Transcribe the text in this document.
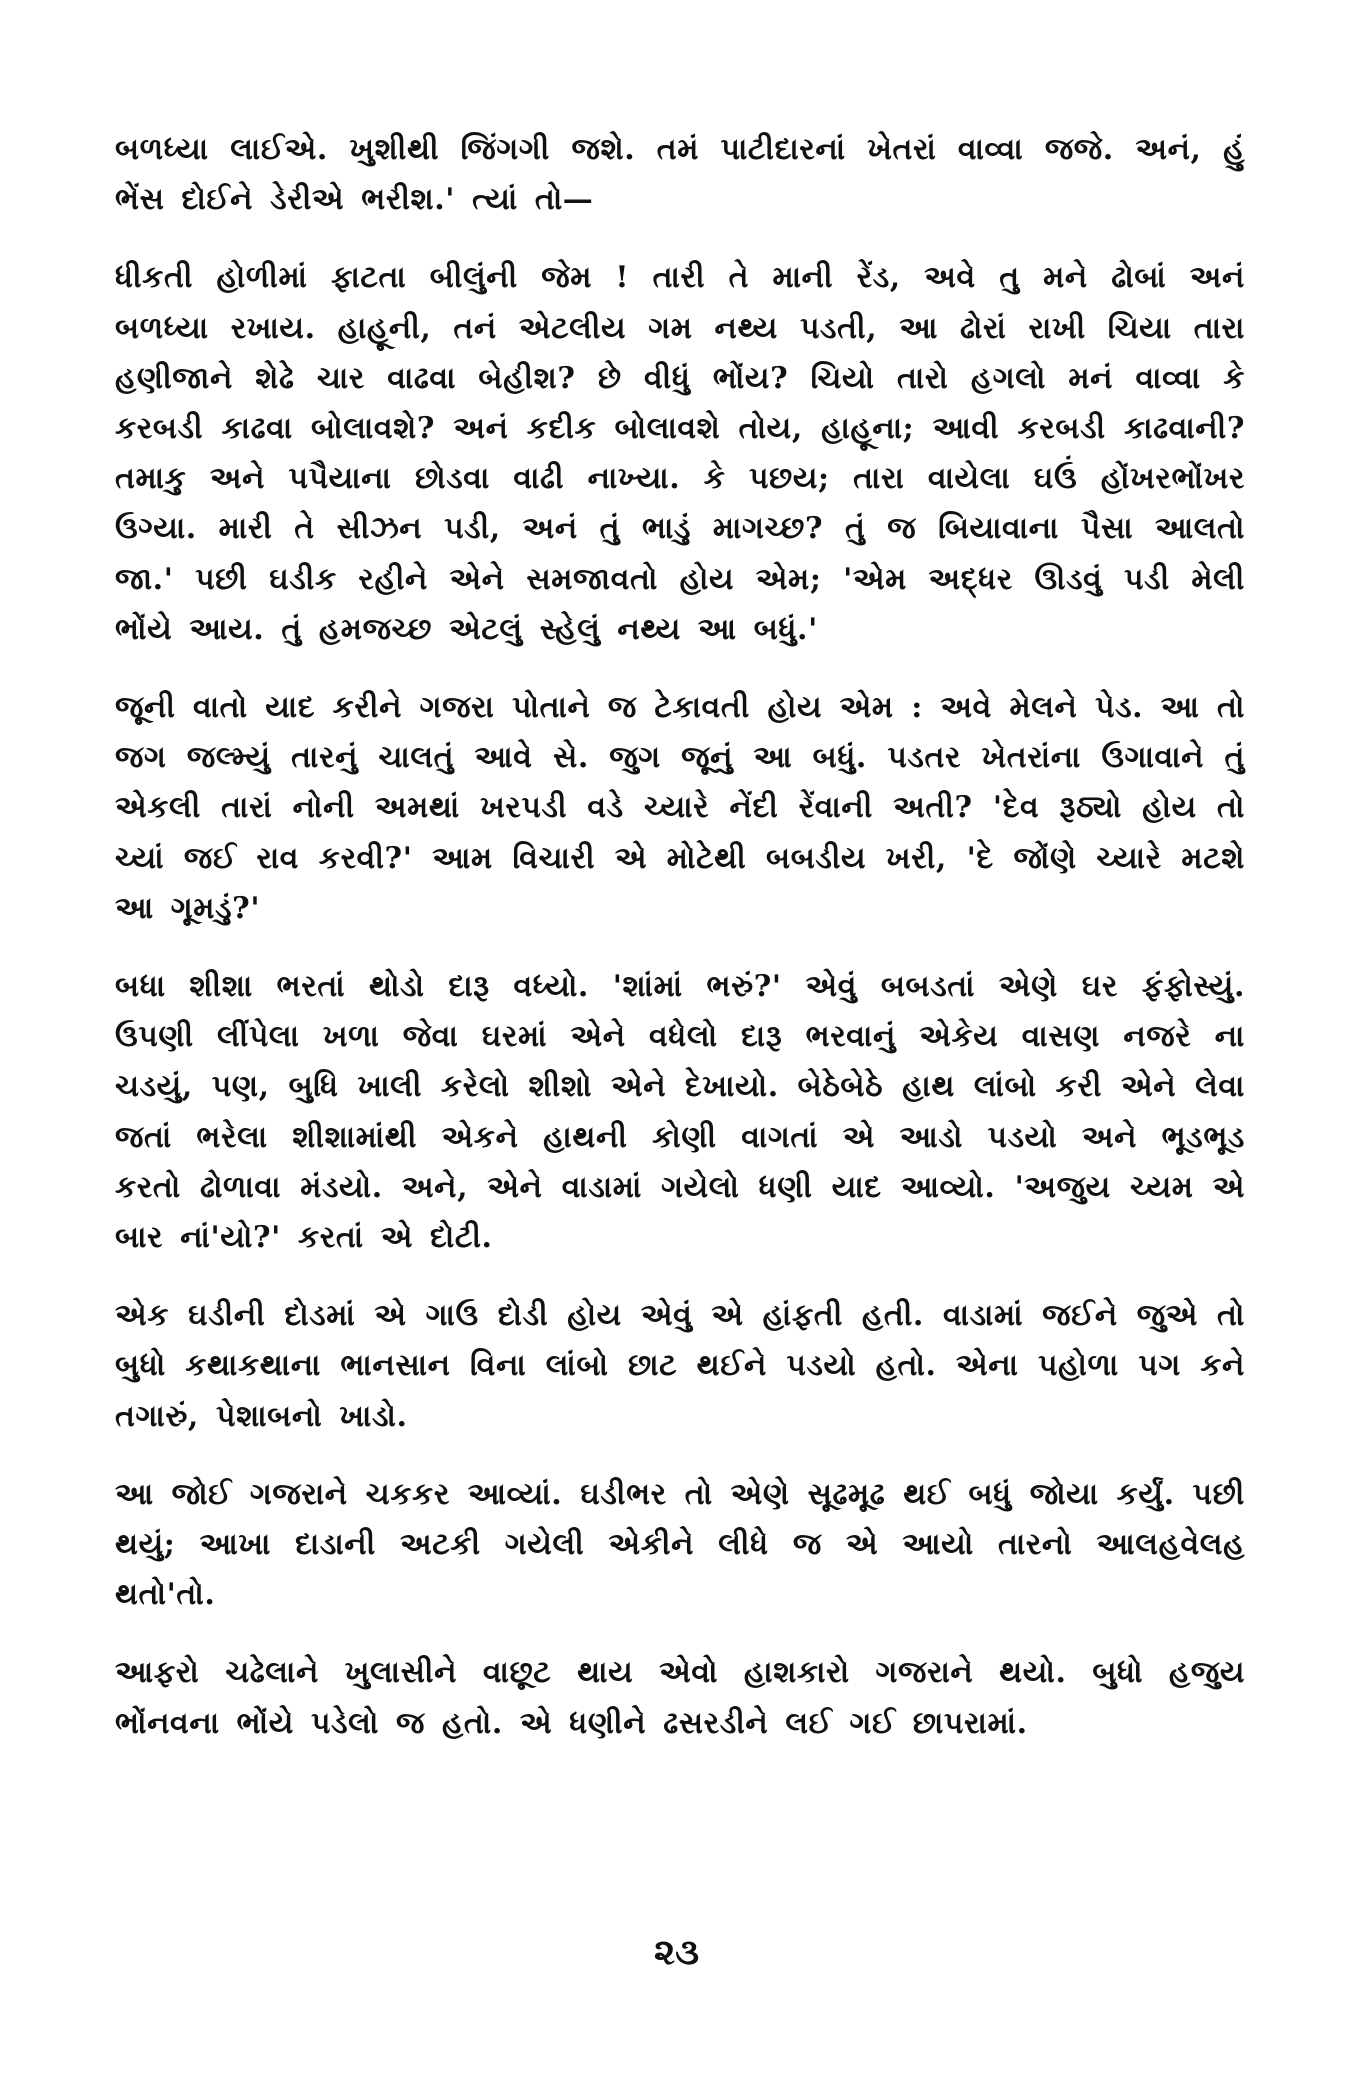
બળધ્યા લાઈએ. ખુશીથી જિંગગી જશે. તમં પાટીદારનાં ખેતરાં વાવ્વા જજે. અનં, હું ભેંસ દોઈને ડેરીએ ભરીશ.' ત્યાં તો—

ધીકતી હોળીમાં ફાટતા બીલુંની જેમ ! તારી તે માની રેંડ, અવે તુ મને ઢોબાં અનં બળધ્યા રખાય. હાહૂની, તનં એટલીય ગમ નથ્ય પડતી, આ ઢોરાં રાખી ચિયા તારા હણીજાને શેઢે ચાર વાઢવા બેહીશ? છે વીધું ભોંય? ચિયો તારો હગલો મનં વાવ્વા કે કરબડી કાઢવા બોલાવશે? અનં કદીક બોલાવશે તોય, હાહૂના; આવી કરબડી કાઢવાની? તમાકુ અને પપૈયાના છોડવા વાઢી નાખ્યા. કે પછય; તારા વાયેલા ઘઉં હોંખરભોંખર ઉગ્યા. મારી તે સીઝન પડી, અનં તું ભાડું માગચ્છ? તું જ બિયાવાના પૈસા આલતો જા.' પછી ઘડીક રહીને એને સમજાવતો હોય એમ; 'એમ અદ્ધર ઊડવું પડી મેલી ભોંયે આય. તું હમજચ્છ એટલું સ્હેલું નથ્ય આ બધું.'

જૂની વાતો યાદ કરીને ગજરા પોતાને જ ટેકાવતી હોય એમ : અવે મેલને પેડ. આ તો જગ જલ્મ્યું તારનું ચાલતું આવે સે. જુગ જૂનું આ બધું. પડતર ખેતરાંના ઉગાવાને તું એકલી તારાં નોની અમથાં ખરપડી વડે ચ્યારે નેંદી રેંવાની અતી? 'દેવ રૂઠ્યો હોય તો ચ્યાં જઈ રાવ કરવી?' આમ વિચારી એ મોટેથી બબડીય ખરી, 'દે જોંણે ચ્યારે મટશે આ ગૂમડું?'

બધા શીશા ભરતાં થોડો દારૂ વધ્યો. 'શાંમાં ભરું?' એવું બબડતાં એણે ઘર ફંફોસ્યું. ઉપણી લીંપેલા ખળા જેવા ઘરમાં એને વધેલો દારૂ ભરવાનું એકેય વાસણ નજરે ના ચડયું, પણ, બુધિ ખાલી કરેલો શીશો એને દેખાયો. બેઠેબેઠે હાથ લાંબો કરી એને લેવા જતાં ભરેલા શીશામાંથી એકને હાથની કોણી વાગતાં એ આડો પડયો અને ભૂડભૂડ કરતો ઢોળાવા મંડયો. અને, એને વાડામાં ગયેલો ધણી યાદ આવ્યો. 'અજુય ચ્યમ એ બાર નાં'યો?' કરતાં એ દોટી.

એક ઘડીની દોડમાં એ ગાઉ દોડી હોય એવું એ હાંફતી હતી. વાડામાં જઈને જુએ તો બુધો કથાકથાના ભાનસાન વિના લાંબો છાટ થઈને પડયો હતો. એના પહોળા પગ કને તગારું, પેશાબનો ખાડો.

આ જોઈ ગજરાને ચકકર આવ્યાં. ઘડીભર તો એણે સૂઢમૂઢ થઈ બધું જોયા કર્યું. પછી થયું; આખા દાડાની અટકી ગયેલી એકીને લીધે જ એ આયો તારનો આલહવેલહ થતો'તો.

આફરો ચઢેલાને ખુલાસીને વાછૂટ થાય એવો હાશકારો ગજરાને થયો. બુધો હજુય ભોંનવના ભોંયે પડેલો જ હતો. એ ધણીને ઢસરડીને લઈ ગઈ છાપરામાં.

૨૩
